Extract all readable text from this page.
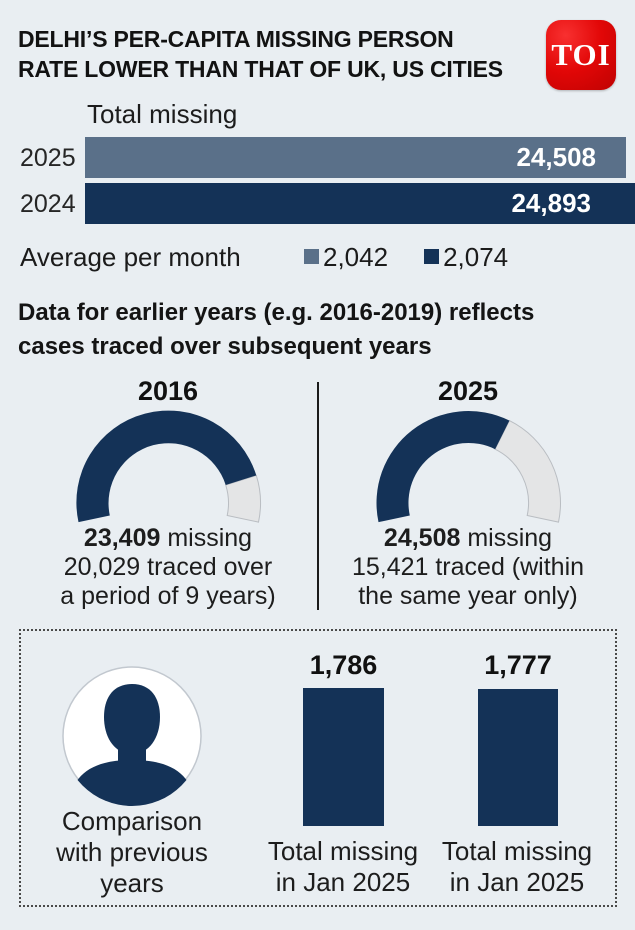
DELHI’S PER-CAPITA MISSING PERSON
RATE LOWER THAN THAT OF UK, US CITIES TOI
Total missing
2025	24,508
2024	24,893
Average per month	2,042 2,074
Data for earlier years (e.g. 2016-2019) reflects
cases traced over subsequent years
2016	2025
23,409 missing
20,029 traced over
a period of 9 years)
24,508 missing
15,421 traced (within
the same year only)
Comparison
with previous
years
1,786	1,777
Total missing
in Jan 2025
Total missing
in Jan 2025
